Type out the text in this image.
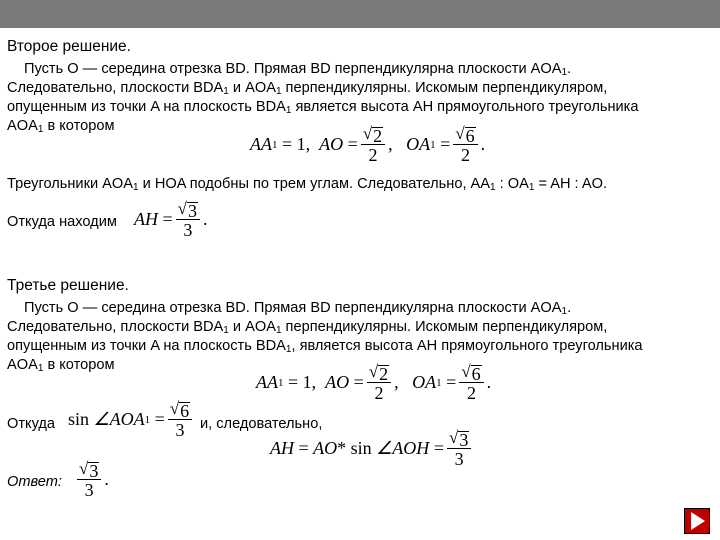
Второе решение.
Пусть O — середина отрезка BD. Прямая BD перпендикулярна плоскости $AOA_1$.
Следовательно, плоскости $BDA_1$ и $AOA_1$ перпендикулярны. Искомым перпендикуляром,
опущенным из точки A на плоскость $BDA_1$ является высота AH прямоугольного треугольника
$AOA_1$ в котором
AA 1
= 1,
AO
= $\frac{√ 2}{2}$ ,
OA 1
= $\frac{√ 6}{2}$ .
Треугольники $AOA_1$ и HOA подобны по трем углам. Следовательно, $AA_1$ : $OA_1$ = AH : AO.
Откуда находим AH
= $\frac{√ 3}{3}$ .
Третье решение.
Пусть O — середина отрезка BD. Прямая BD перпендикулярна плоскости $AOA_1$.
Следовательно, плоскости $BDA_1$ и $AOA_1$ перпендикулярны. Искомым перпендикуляром,
опущенным из точки A на плоскость $BDA_1$, является высота AH прямоугольного треугольника
$AOA_1$ в котором
AA 1
= 1,
AO
= $\frac{√ 2}{2}$ ,
OA 1
= $\frac{√ 6}{2}$ .
Откуда sin
∠AOA 1
= $\frac{√ 6}{3} и$, следовательно,
AH
=
AO *
sin
∠AOH
= $\frac{√ 3}{3}$
Ответ: $\frac{√ 3}{3}$ .
